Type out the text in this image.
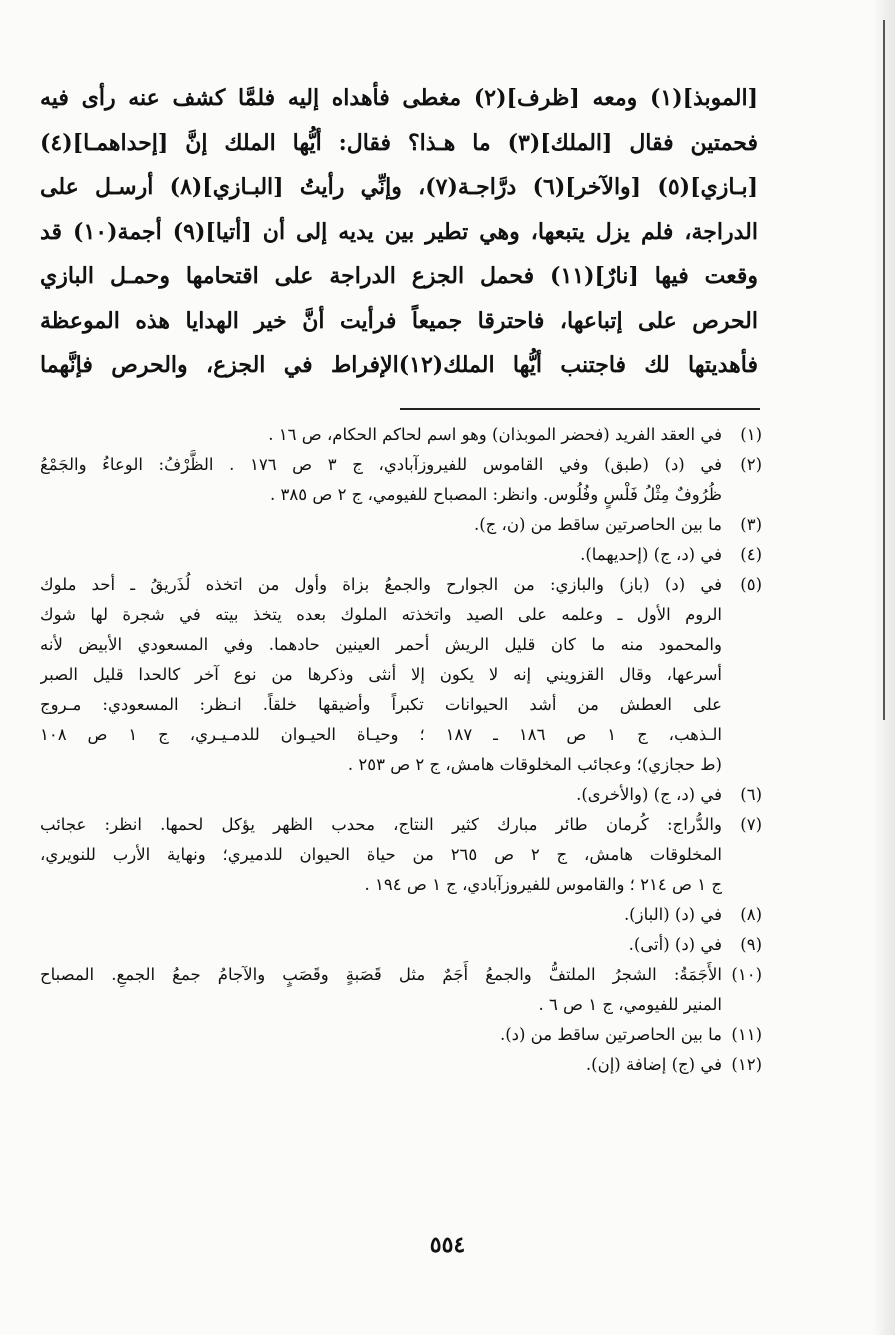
[الموبذ](١) ومعه [ظرف](٢) مغطى فأهداه إليه فلمَّا كشف عنه رأى فيه
فحمتين فقال [الملك](٣) ما هـذا؟ فقال: أيُّها الملك إنَّ [إحداهمـا](٤)
[بـازي](٥) [والآخر](٦) درَّاجـة(٧)، وإنِّي رأيتُ [البـازي](٨) أرسـل على
الدراجة، فلم يزل يتبعها، وهي تطير بين يديه إلى أن [أتيا](٩) أجمة(١٠) قد
وقعت فيها [نارٌ](١١) فحمل الجزع الدراجة على اقتحامها وحمـل البازي
الحرص على إتباعها، فاحترقا جميعاً فرأيت أنَّ خير الهدايا هذه الموعظة
فأهديتها لك فاجتنب أيُّها الملك(١٢)الإفراط في الجزع، والحرص فإنَّهما
(١)
في العقد الفريد (فحضر الموبذان) وهو اسم لحاكم الحكام، ص ١٦ .
(٢)
في (د) (طبق) وفي القاموس للفيروزآبادي، ج ٣ ص ١٧٦ . الظَّرْفُ: الوعاءُ والجَمْعُ
ظُرُوفٌ مِثْلُ فَلْسٍ وفُلُوس. وانظر: المصباح للفيومي، ج ٢ ص ٣٨٥ .
(٣)
ما بين الحاصرتين ساقط من (ن، ج).
(٤)
في (د، ج) (إحديهما).
(٥)
في (د) (باز) والبازي: من الجوارح والجمعُ بزاة وأول من اتخذه لُذَريقُ ـ أحد ملوك
الروم الأول ـ وعلمه على الصيد واتخذته الملوك بعده يتخذ بيته في شجرة لها شوك
والمحمود منه ما كان قليل الريش أحمر العينين حادهما. وفي المسعودي الأبيض لأنه
أسرعها، وقال القزويني إنه لا يكون إلا أنثى وذكرها من نوع آخر كالحدا قليل الصبر
على العطش من أشد الحيوانات تكبراً وأضيقها خلقاً. انـظر: المسعودي: مـروج
الـذهب، ج ١ ص ١٨٦ ـ ١٨٧ ؛ وحيـاة الحيـوان للدمـيـري، ج ١ ص ١٠٨
(ط حجازي)؛ وعجائب المخلوقات هامش، ج ٢ ص ٢٥٣ .
(٦)
في (د، ج) (والأخرى).
(٧)
والدُّراج: كُرمان طائر مبارك كثير النتاج، محدب الظهر يؤكل لحمها. انظر: عجائب
المخلوقات هامش، ج ٢ ص ٢٦٥ من حياة الحيوان للدميري؛ ونهاية الأرب للنويري،
ج ١ ص ٢١٤ ؛ والقاموس للفيروزآبادي، ج ١ ص ١٩٤ .
(٨)
في (د) (الباز).
(٩)
في (د) (أتى).
(١٠)
الأَجَمَةُ: الشجرُ الملتفُّ والجمعُ أَجَمٌ مثل قَصَبةٍ وقَصَبٍ والآجامُ جمعُ الجمعِ. المصباح
المنير للفيومي، ج ١ ص ٦ .
(١١)
ما بين الحاصرتين ساقط من (د).
(١٢)
في (ج) إضافة (إن).
٥٥٤
